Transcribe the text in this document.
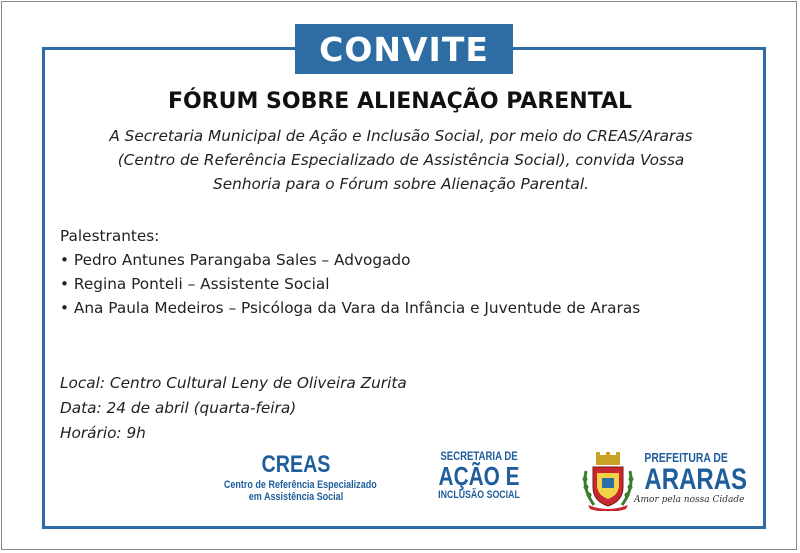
CONVITE
FÓRUM SOBRE ALIENAÇÃO PARENTAL
A Secretaria Municipal de Ação e Inclusão Social, por meio do CREAS/Araras
(Centro de Referência Especializado de Assistência Social), convida Vossa
Senhoria para o Fórum sobre Alienação Parental.
Palestrantes:
• Pedro Antunes Parangaba Sales – Advogado
• Regina Ponteli – Assistente Social
• Ana Paula Medeiros – Psicóloga da Vara da Infância e Juventude de Araras
Local: Centro Cultural Leny de Oliveira Zurita
Data: 24 de abril (quarta-feira)
Horário: 9h
CREAS
Centro de Referência Especializado
em Assistência Social
SECRETARIA DE
AÇÃO E
INCLUSÃO SOCIAL
PREFEITURA DE
ARARAS
Amor pela nossa Cidade
